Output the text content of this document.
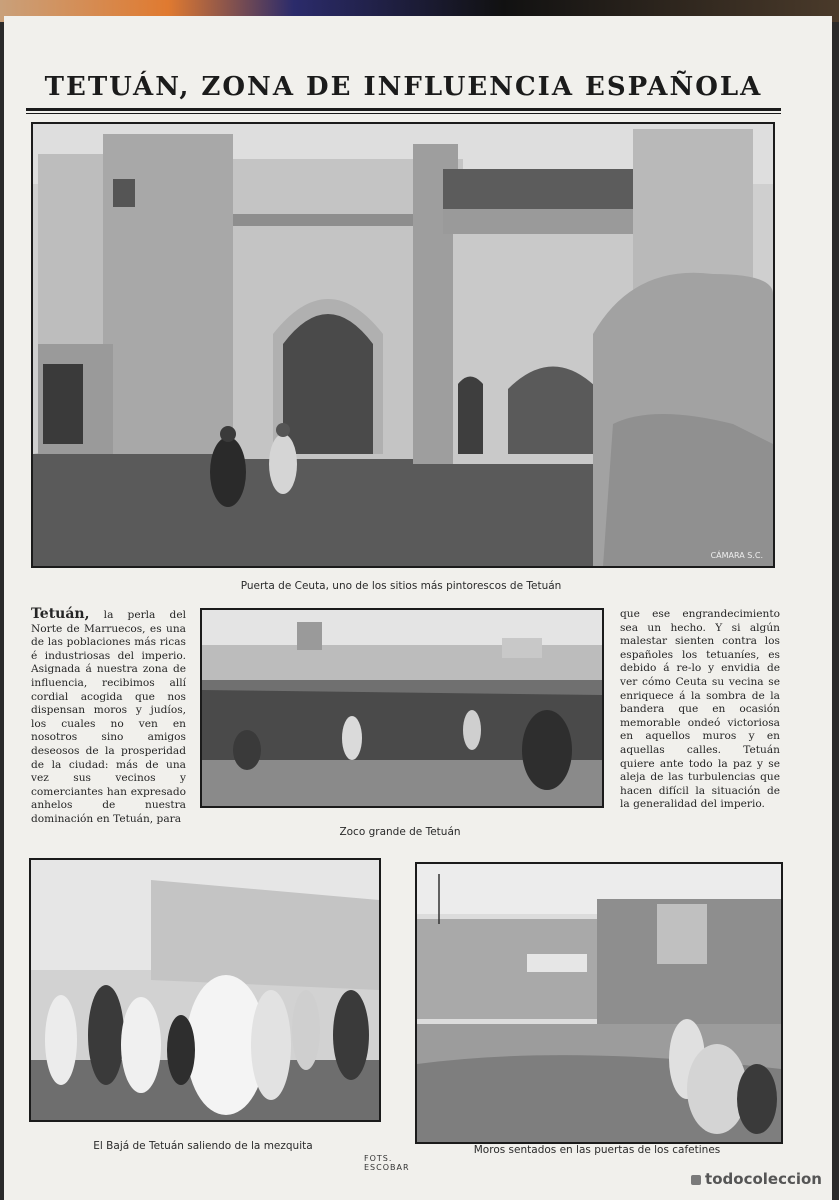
TETUÁN, ZONA DE INFLUENCIA ESPAÑOLA
CÁMARA S.C.
Puerta de Ceuta, uno de los sitios más pintorescos de Tetuán
Tetuán, la perla del Norte de Marruecos, es una de las poblaciones más ricas é industriosas del imperio. Asignada á nuestra zona de influencia, recibimos allí cordial acogida que nos dispensan moros y judíos, los cuales no ven en nosotros sino amigos deseosos de la prosperidad de la ciudad: más de una vez sus vecinos y comerciantes han expresado anhelos de nuestra dominación en Tetuán, para
Zoco grande de Tetuán
que ese engrandecimiento sea un hecho. Y si algún malestar sienten contra los españoles los tetuaníes, es debido á re-lo y envidia de ver cómo Ceuta su vecina se enriquece á la sombra de la bandera que en ocasión memorable ondeó victoriosa en aquellos muros y en aquellas calles. Tetuán quiere ante todo la paz y se aleja de las turbulencias que hacen difícil la situación de la generalidad del imperio.
El Bajá de Tetuán saliendo de la mezquita	Moros sentados en las puertas de los cafetines
FOTS. ESCOBAR
todocoleccion
